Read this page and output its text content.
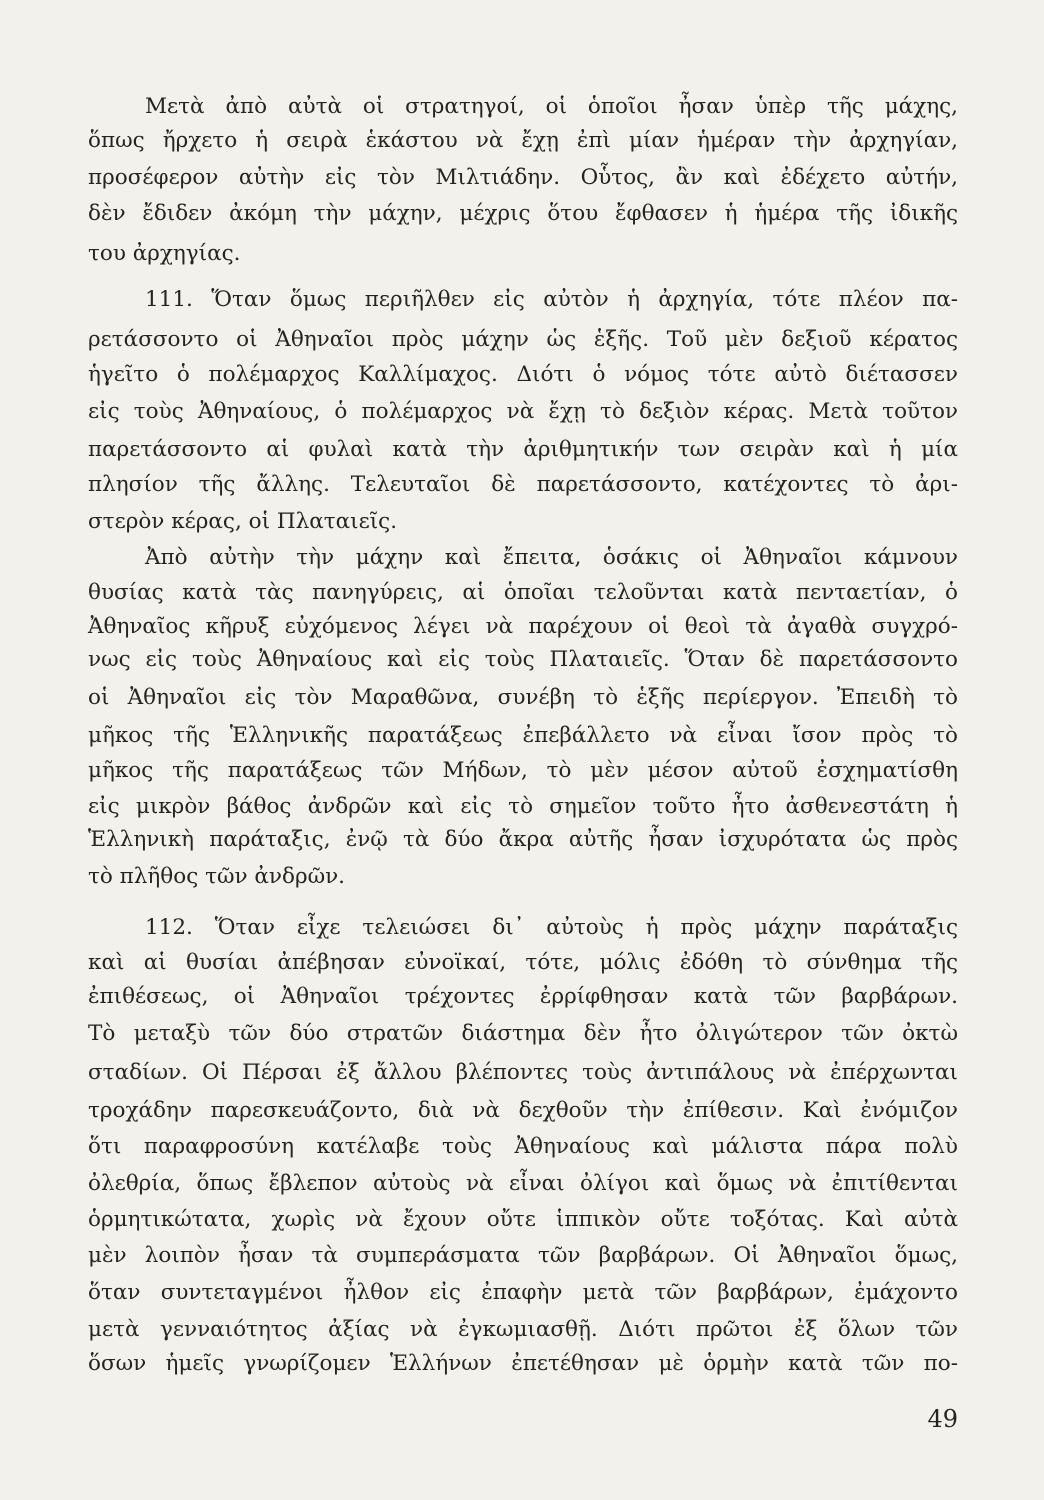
Μετὰ ἀπὸ αὐτὰ οἱ στρατηγοί, οἱ ὁποῖοι ἦσαν ὑπὲρ τῆς μάχης,
ὅπως ἤρχετο ἡ σειρὰ ἑκάστου νὰ ἔχῃ ἐπὶ μίαν ἡμέραν τὴν ἀρχηγίαν,
προσέφερον αὐτὴν εἰς τὸν Μιλτιάδην. Οὗτος, ἂν καὶ ἐδέχετο αὐτήν,
δὲν ἔδιδεν ἀκόμη τὴν μάχην, μέχρις ὅτου ἔφθασεν ἡ ἡμέρα τῆς ἰδικῆς
του ἀρχηγίας.
111. Ὅταν ὅμως περιῆλθεν εἰς αὐτὸν ἡ ἀρχηγία, τότε πλέον πα-
ρετάσσοντο οἱ Ἀθηναῖοι πρὸς μάχην ὡς ἑξῆς. Τοῦ μὲν δεξιοῦ κέρατος
ἡγεῖτο ὁ πολέμαρχος Καλλίμαχος. Διότι ὁ νόμος τότε αὐτὸ διέτασσεν
εἰς τοὺς Ἀθηναίους, ὁ πολέμαρχος νὰ ἔχῃ τὸ δεξιὸν κέρας. Μετὰ τοῦτον
παρετάσσοντο αἱ φυλαὶ κατὰ τὴν ἀριθμητικήν των σειρὰν καὶ ἡ μία
πλησίον τῆς ἄλλης. Τελευταῖοι δὲ παρετάσσοντο, κατέχοντες τὸ ἀρι-
στερὸν κέρας, οἱ Πλαταιεῖς.
Ἀπὸ αὐτὴν τὴν μάχην καὶ ἔπειτα, ὁσάκις οἱ Ἀθηναῖοι κάμνουν
θυσίας κατὰ τὰς πανηγύρεις, αἱ ὁποῖαι τελοῦνται κατὰ πενταετίαν, ὁ
Ἀθηναῖος κῆρυξ εὐχόμενος λέγει νὰ παρέχουν οἱ θεοὶ τὰ ἀγαθὰ συγχρό-
νως εἰς τοὺς Ἀθηναίους καὶ εἰς τοὺς Πλαταιεῖς. Ὅταν δὲ παρετάσσοντο
οἱ Ἀθηναῖοι εἰς τὸν Μαραθῶνα, συνέβη τὸ ἑξῆς περίεργον. Ἐπειδὴ τὸ
μῆκος τῆς Ἑλληνικῆς παρατάξεως ἐπεβάλλετο νὰ εἶναι ἴσον πρὸς τὸ
μῆκος τῆς παρατάξεως τῶν Μήδων, τὸ μὲν μέσον αὐτοῦ ἐσχηματίσθη
εἰς μικρὸν βάθος ἀνδρῶν καὶ εἰς τὸ σημεῖον τοῦτο ἦτο ἀσθενεστάτη ἡ
Ἑλληνικὴ παράταξις, ἐνῷ τὰ δύο ἄκρα αὐτῆς ἦσαν ἰσχυρότατα ὡς πρὸς
τὸ πλῆθος τῶν ἀνδρῶν.
112. Ὅταν εἶχε τελειώσει δι᾽ αὐτοὺς ἡ πρὸς μάχην παράταξις
καὶ αἱ θυσίαι ἀπέβησαν εὐνοϊκαί, τότε, μόλις ἐδόθη τὸ σύνθημα τῆς
ἐπιθέσεως, οἱ Ἀθηναῖοι τρέχοντες ἐρρίφθησαν κατὰ τῶν βαρβάρων.
Τὸ μεταξὺ τῶν δύο στρατῶν διάστημα δὲν ἦτο ὀλιγώτερον τῶν ὀκτὼ
σταδίων. Οἱ Πέρσαι ἐξ ἄλλου βλέποντες τοὺς ἀντιπάλους νὰ ἐπέρχωνται
τροχάδην παρεσκευάζοντο, διὰ νὰ δεχθοῦν τὴν ἐπίθεσιν. Καὶ ἐνόμιζον
ὅτι παραφροσύνη κατέλαβε τοὺς Ἀθηναίους καὶ μάλιστα πάρα πολὺ
ὀλεθρία, ὅπως ἔβλεπον αὐτοὺς νὰ εἶναι ὀλίγοι καὶ ὅμως νὰ ἐπιτίθενται
ὁρμητικώτατα, χωρὶς νὰ ἔχουν οὔτε ἱππικὸν οὔτε τοξότας. Καὶ αὐτὰ
μὲν λοιπὸν ἦσαν τὰ συμπεράσματα τῶν βαρβάρων. Οἱ Ἀθηναῖοι ὅμως,
ὅταν συντεταγμένοι ἦλθον εἰς ἐπαφὴν μετὰ τῶν βαρβάρων, ἐμάχοντο
μετὰ γενναιότητος ἀξίας νὰ ἐγκωμιασθῇ. Διότι πρῶτοι ἐξ ὅλων τῶν
ὅσων ἡμεῖς γνωρίζομεν Ἑλλήνων ἐπετέθησαν μὲ ὁρμὴν κατὰ τῶν πο-
49
